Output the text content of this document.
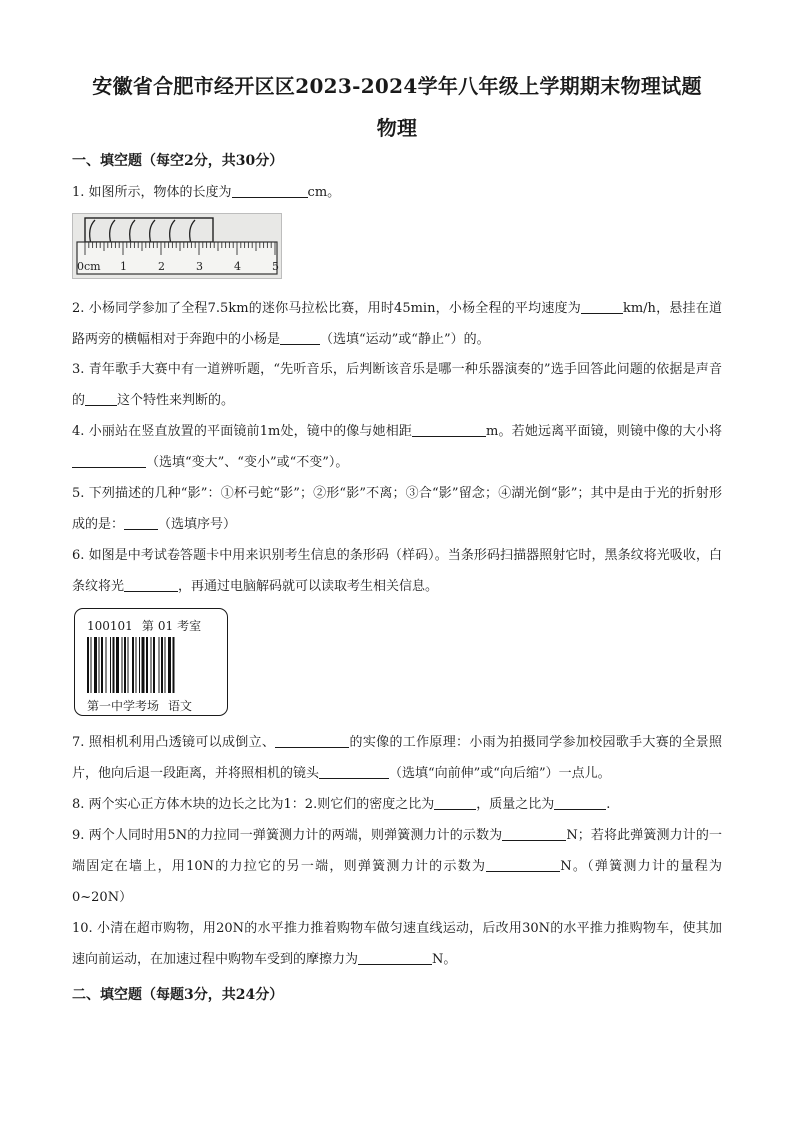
安徽省合肥市经开区区2023-2024学年八年级上学期期末物理试题
物理
一、填空题（每空2分，共30分）
1. 如图所示，物体的长度为	cm。
0cm 1	2	3	4	5
2. 小杨同学参加了全程7.5km的迷你马拉松比赛，用时45min，小杨全程的平均速度为	km/h，悬挂在道路两旁的横幅相对于奔跑中的小杨是	（选填“运动”或“静止”）的。
3. 青年歌手大赛中有一道辨听题，“先听音乐，后判断该音乐是哪一种乐器演奏的”选手回答此问题的依据是声音的 这个特性来判断的。
4. 小丽站在竖直放置的平面镜前1m处，镜中的像与她相距	m。若她远离平面镜，则镜中像的大小将（选填“变大”、“变小”或“不变”）。
5. 下列描述的几种“影”：①杯弓蛇“影”；②形“影”不离；③合“影”留念；④湖光倒“影”；其中是由于光的折射形成的是：	（选填序号）
6. 如图是中考试卷答题卡中用来识别考生信息的条形码（样码）。当条形码扫描器照射它时，黑条纹将光吸收，白条纹将光	，再通过电脑解码就可以读取考生相关信息。
100101 第 01 考室
第一中学考场 语文
7. 照相机利用凸透镜可以成倒立、	的实像的工作原理：小雨为拍摄同学参加校园歌手大赛的全景照片，他向后退一段距离，并将照相机的镜头	（选填“向前伸”或“向后缩”）一点儿。
8. 两个实心正方体木块的边长之比为1：2.则它们的密度之比为	，质量之比为	.
9. 两个人同时用5N的力拉同一弹簧测力计的两端，则弹簧测力计的示数为	N；若将此弹簧测力计的一端固定在墙上，用10N的力拉它的另一端，则弹簧测力计的示数为	N。（弹簧测力计的量程为0~20N）
10. 小清在超市购物，用20N的水平推力推着购物车做匀速直线运动，后改用30N的水平推力推购物车，使其加速向前运动，在加速过程中购物车受到的摩擦力为	N。
二、填空题（每题3分，共24分）
